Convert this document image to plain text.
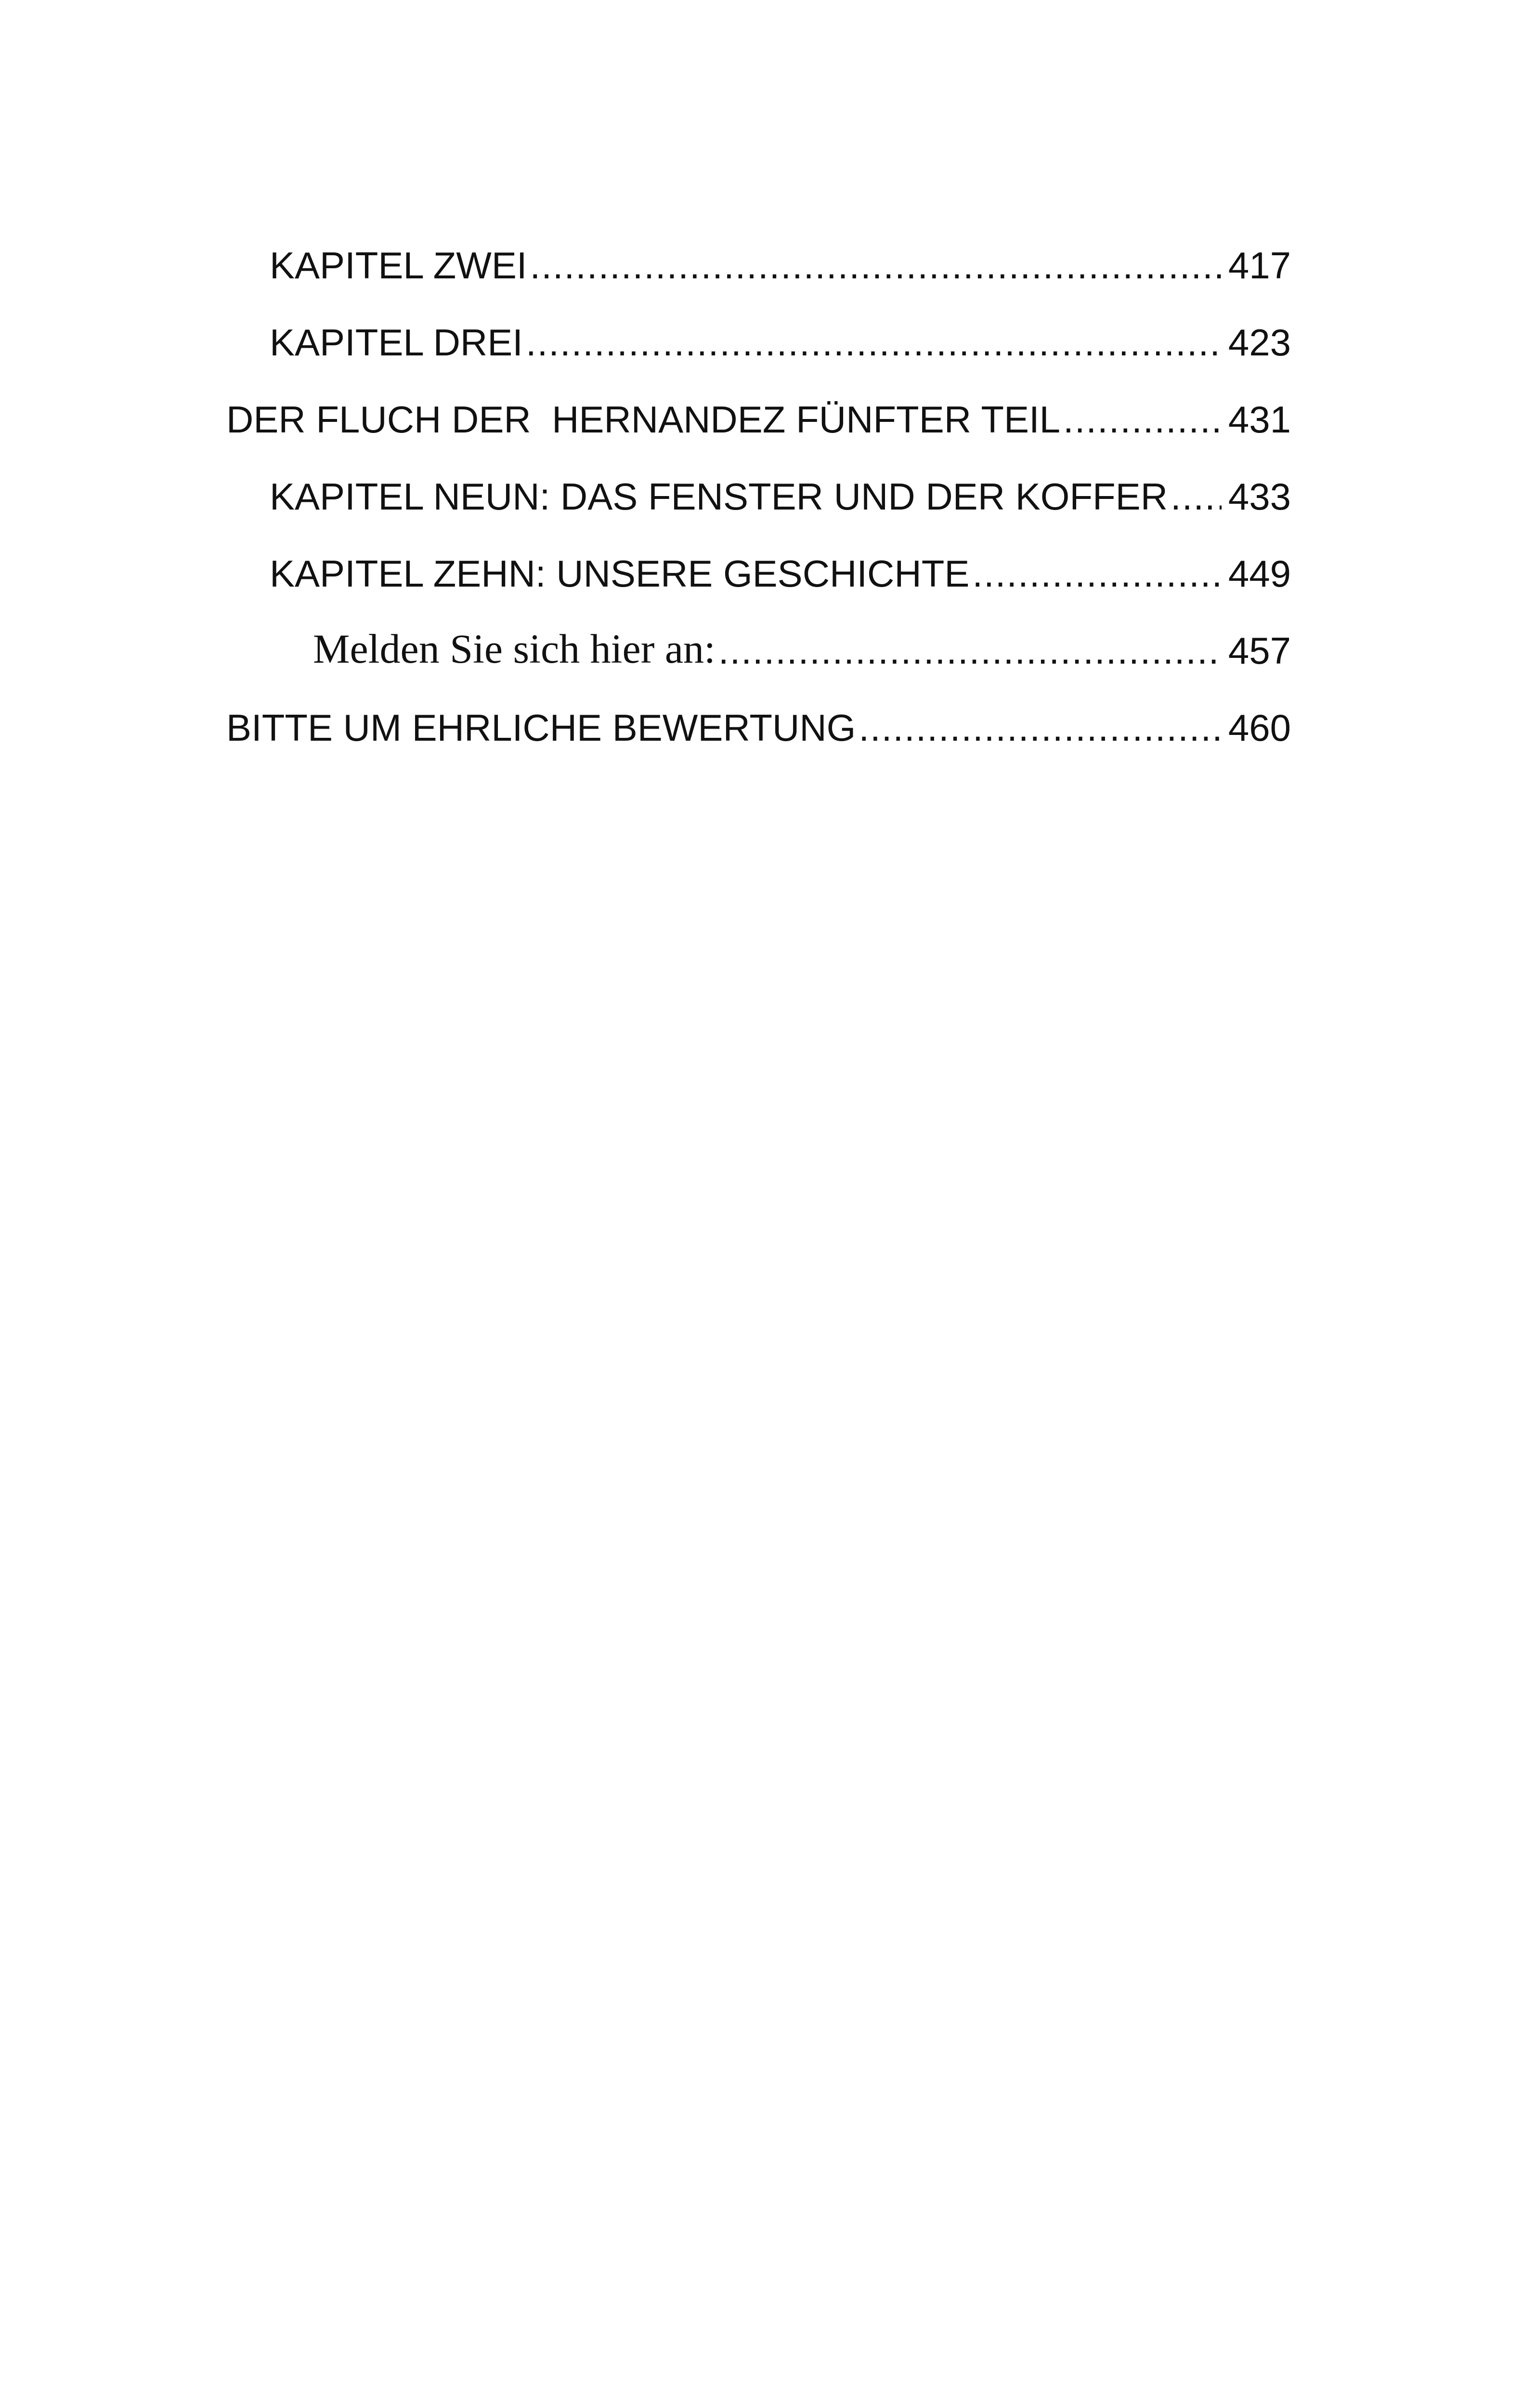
KAPITEL ZWEI .....	417
KAPITEL DREI .....	423
DER FLUCH DER  HERNANDEZ FÜNFTER TEIL .....	431
KAPITEL NEUN: DAS FENSTER UND DER KOFFER ..... 433
KAPITEL ZEHN: UNSERE GESCHICHTE .....	449
Melden Sie sich hier an: .....	457
BITTE UM EHRLICHE BEWERTUNG .....	460
